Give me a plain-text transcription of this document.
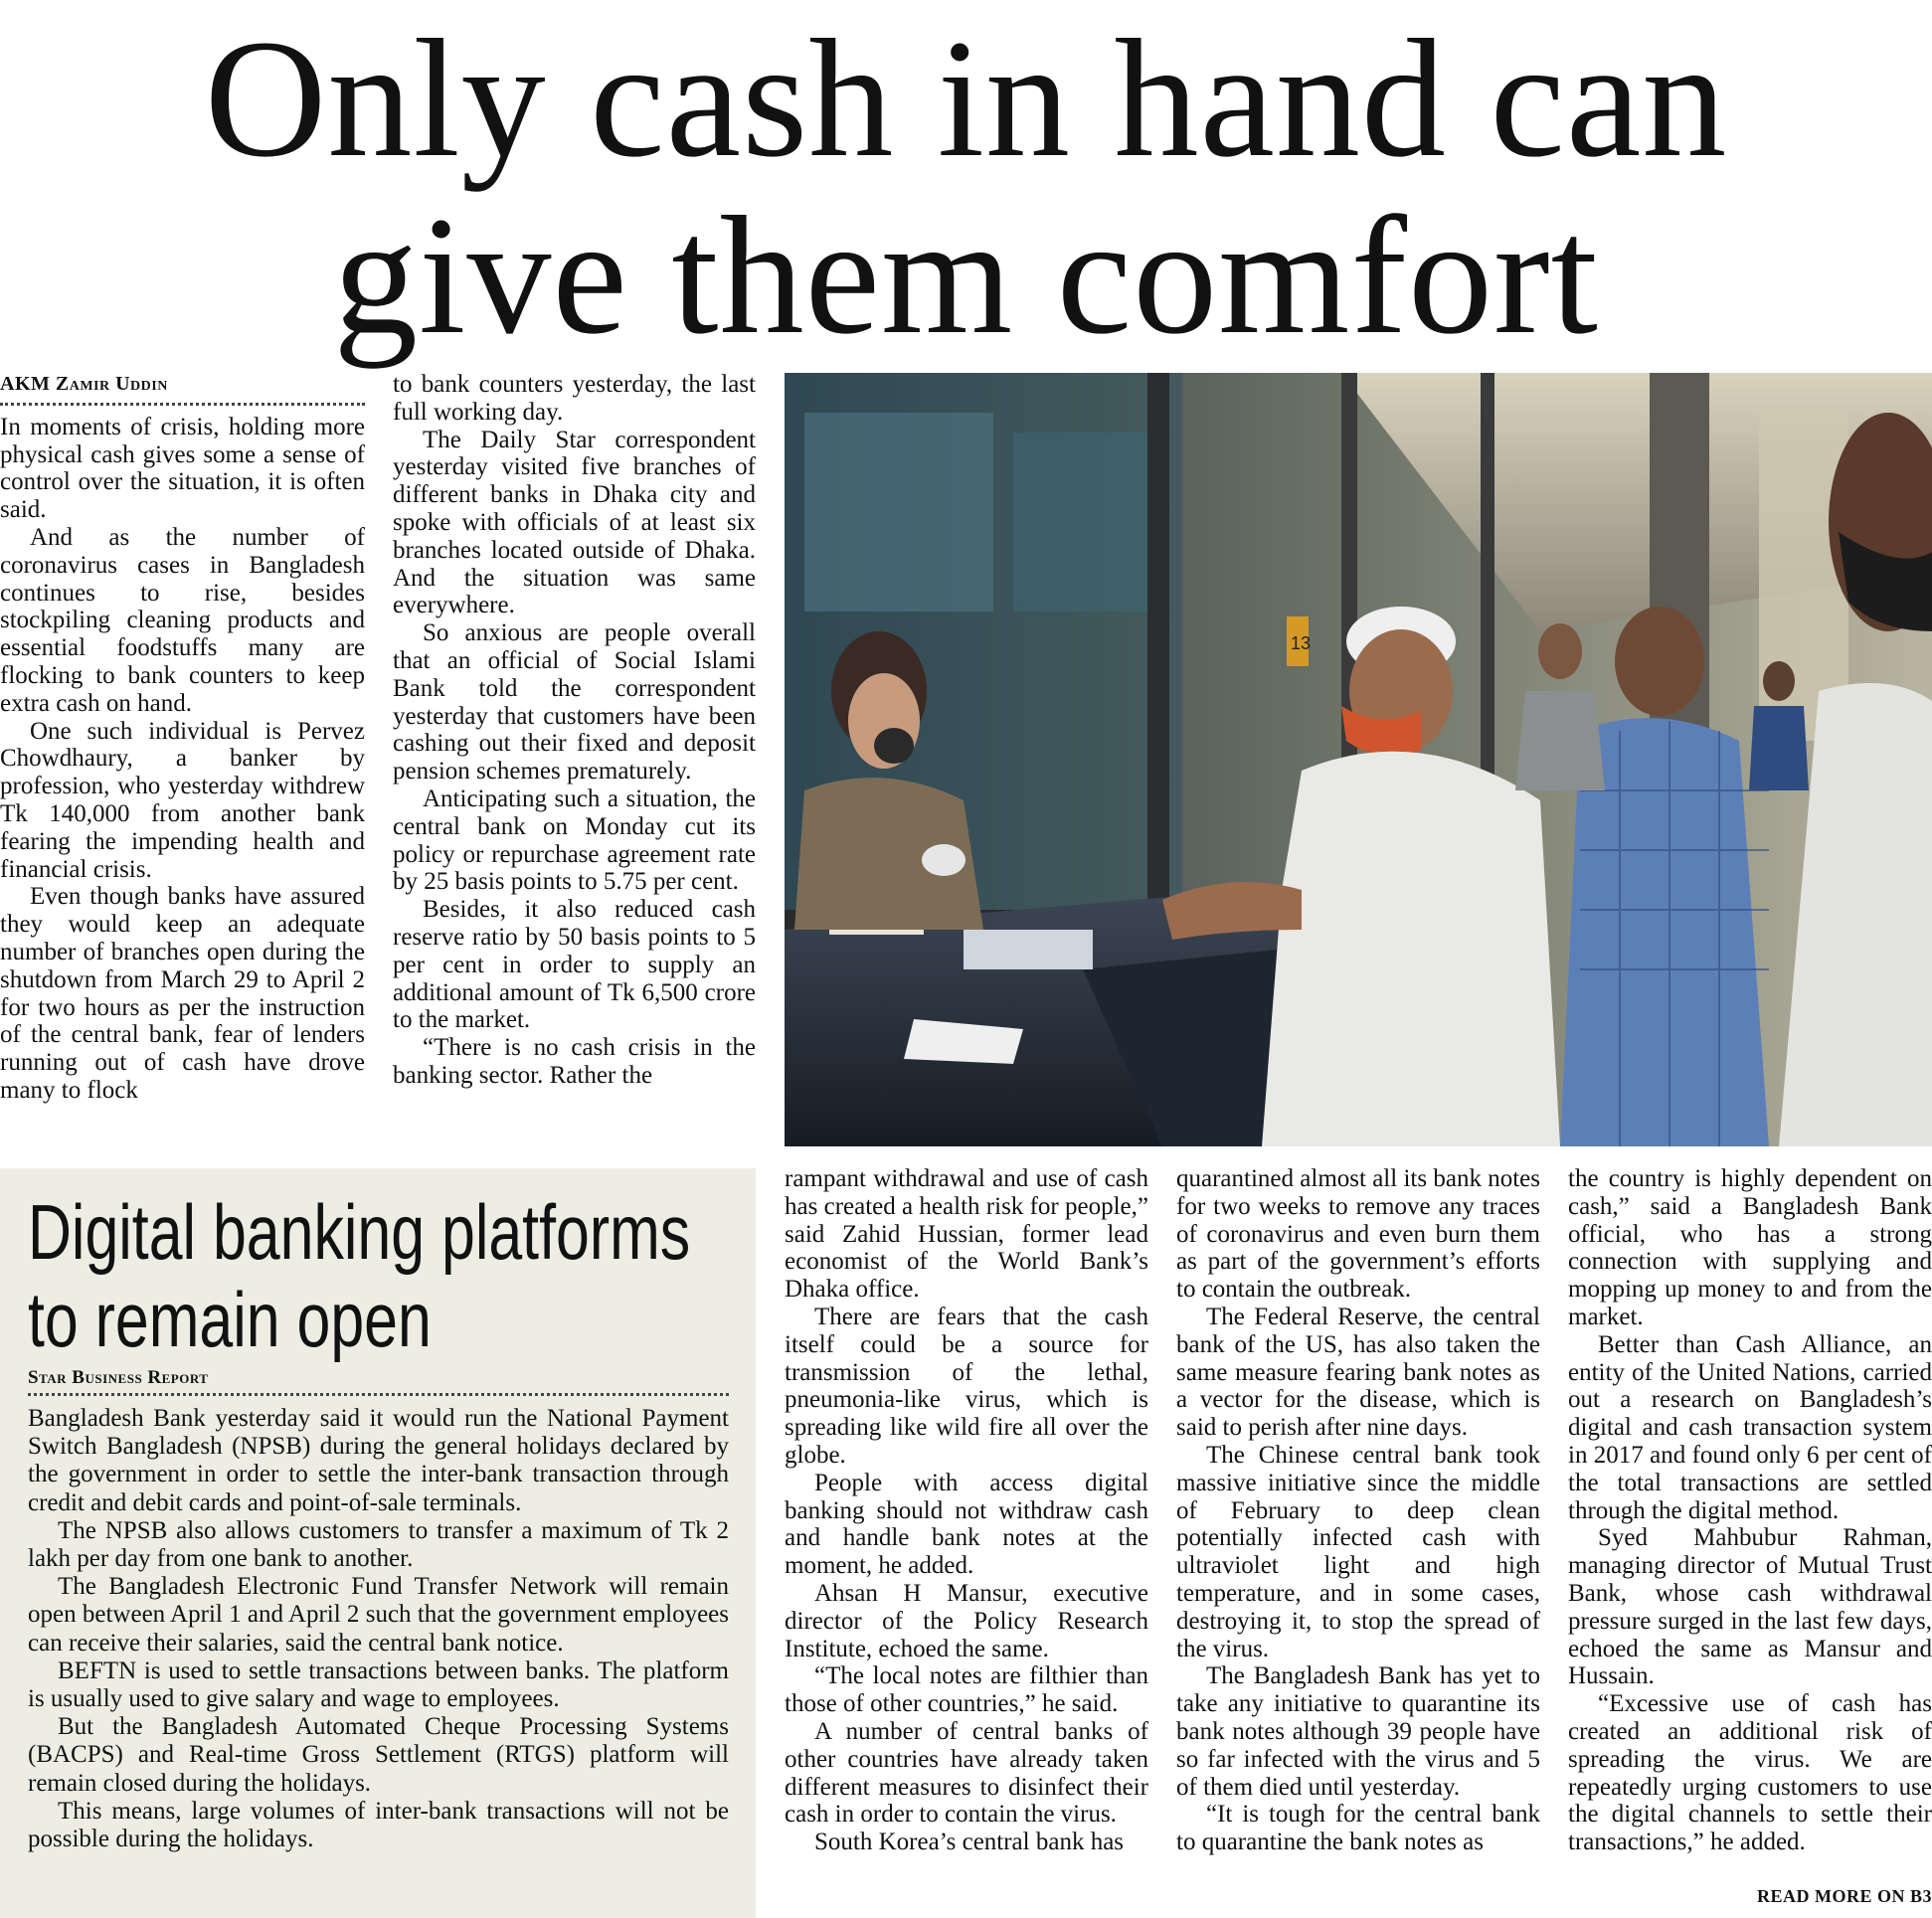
Only cash in hand can
give them comfort
AKM Zamir Uddin

In moments of crisis, holding more physical cash gives some a sense of control over the situation, it is often said.

And as the number of coronavirus cases in Bangladesh continues to rise, besides stockpiling cleaning products and essential foodstuffs many are flocking to bank counters to keep extra cash on hand.

One such individual is Pervez Chowdhaury, a banker by profession, who yesterday withdrew Tk 140,000 from another bank fearing the impending health and financial crisis.

Even though banks have assured they would keep an adequate number of branches open during the shutdown from March 29 to April 2 for two hours as per the instruction of the central bank, fear of lenders running out of cash have drove many to flock

to bank counters yesterday, the last full working day.

The Daily Star correspondent yesterday visited five branches of different banks in Dhaka city and spoke with officials of at least six branches located outside of Dhaka. And the situation was same everywhere.

So anxious are people overall that an official of Social Islami Bank told the correspondent yesterday that customers have been cashing out their fixed and deposit pension schemes prematurely.

Anticipating such a situation, the central bank on Monday cut its policy or repurchase agreement rate by 25 basis points to 5.75 per cent.

Besides, it also reduced cash reserve ratio by 50 basis points to 5 per cent in order to supply an additional amount of Tk 6,500 crore to the market.

“There is no cash crisis in the banking sector. Rather the

13
Digital banking platforms
to remain open
Star Business Report

Bangladesh Bank yesterday said it would run the National Payment Switch Bangladesh (NPSB) during the general holidays declared by the government in order to settle the inter-bank transaction through credit and debit cards and point-of-sale terminals.

The NPSB also allows customers to transfer a maximum of Tk 2 lakh per day from one bank to another.

The Bangladesh Electronic Fund Transfer Network will remain open between April 1 and April 2 such that the government employees can receive their salaries, said the central bank notice.

BEFTN is used to settle transactions between banks. The platform is usually used to give salary and wage to employees.

But the Bangladesh Automated Cheque Processing Systems (BACPS) and Real-time Gross Settlement (RTGS) platform will remain closed during the holidays.

This means, large volumes of inter-bank transactions will not be possible during the holidays.

rampant withdrawal and use of cash has created a health risk for people,” said Zahid Hussian, former lead economist of the World Bank’s Dhaka office.

There are fears that the cash itself could be a source for transmission of the lethal, pneumonia-like virus, which is spreading like wild fire all over the globe.

People with access digital banking should not withdraw cash and handle bank notes at the moment, he added.

Ahsan H Mansur, executive director of the Policy Research Institute, echoed the same.

“The local notes are filthier than those of other countries,” he said.

A number of central banks of other countries have already taken different measures to disinfect their cash in order to contain the virus.

South Korea’s central bank has

quarantined almost all its bank notes for two weeks to remove any traces of coronavirus and even burn them as part of the government’s efforts to contain the outbreak.

The Federal Reserve, the central bank of the US, has also taken the same measure fearing bank notes as a vector for the disease, which is said to perish after nine days.

The Chinese central bank took massive initiative since the middle of February to deep clean potentially infected cash with ultraviolet light and high temperature, and in some cases, destroying it, to stop the spread of the virus.

The Bangladesh Bank has yet to take any initiative to quarantine its bank notes although 39 people have so far infected with the virus and 5 of them died until yesterday.

“It is tough for the central bank to quarantine the bank notes as

the country is highly dependent on cash,” said a Bangladesh Bank official, who has a strong connection with supplying and mopping up money to and from the market.

Better than Cash Alliance, an entity of the United Nations, carried out a research on Bangladesh’s digital and cash transaction system in 2017 and found only 6 per cent of the total transactions are settled through the digital method.

Syed Mahbubur Rahman, managing director of Mutual Trust Bank, whose cash withdrawal pressure surged in the last few days, echoed the same as Mansur and Hussain.

“Excessive use of cash has created an additional risk of spreading the virus. We are repeatedly urging customers to use the digital channels to settle their transactions,” he added.

READ MORE ON B3
